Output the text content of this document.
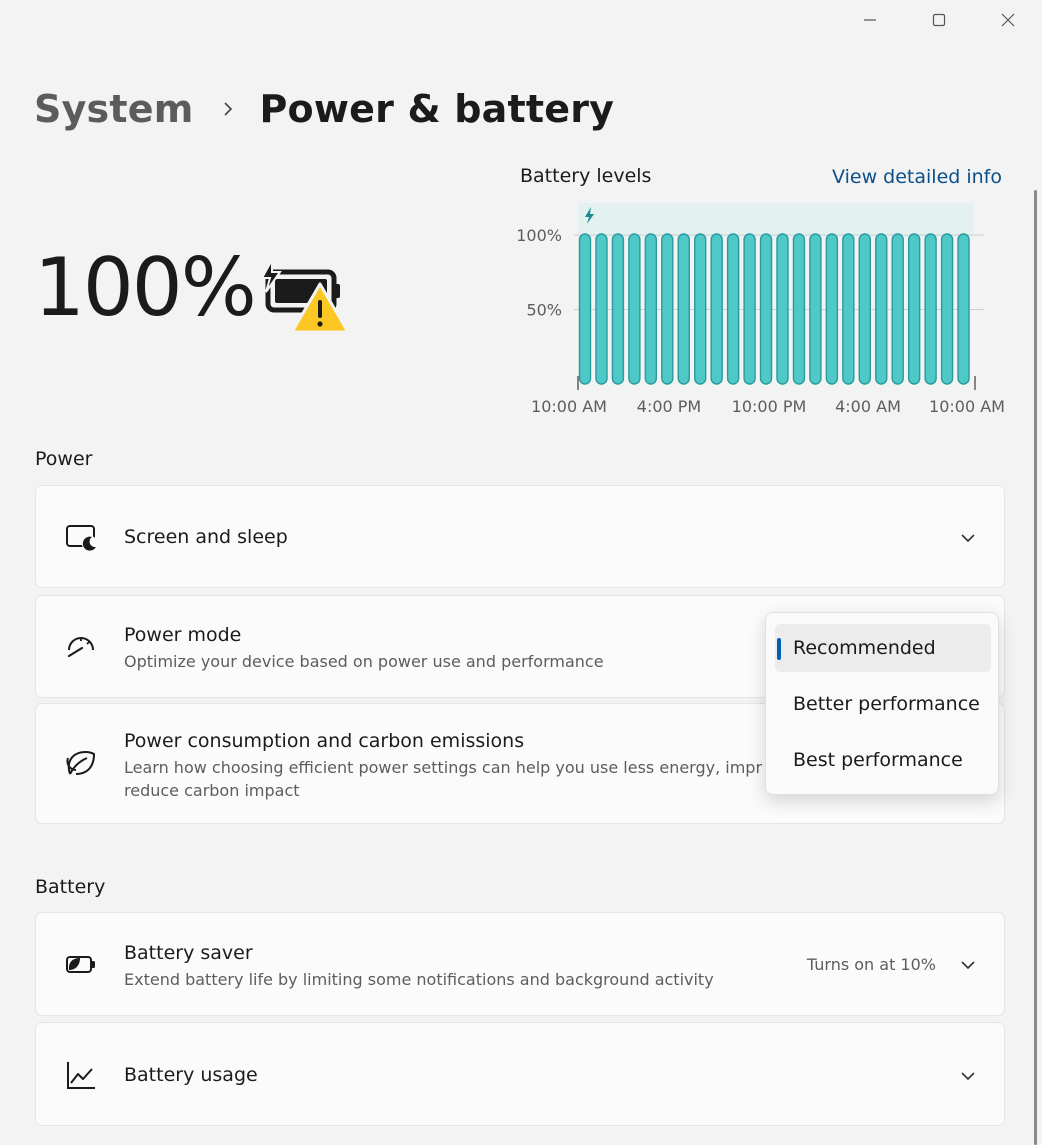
System Power & battery
100%
Battery levels	View detailed info
100%
50%
10:00 AM 4:00 PM 10:00 PM 4:00 AM 10:00 AM
Power
Screen and sleep
Power mode
Optimize your device based on power use and performance
Power consumption and carbon emissions
Learn how choosing efficient power settings can help you use less energy, impr
reduce carbon impact
Battery
Battery saver
Extend battery life by limiting some notifications and background activity
Turns on at 10%
Battery usage
Recommended
Better performance
Best performance
